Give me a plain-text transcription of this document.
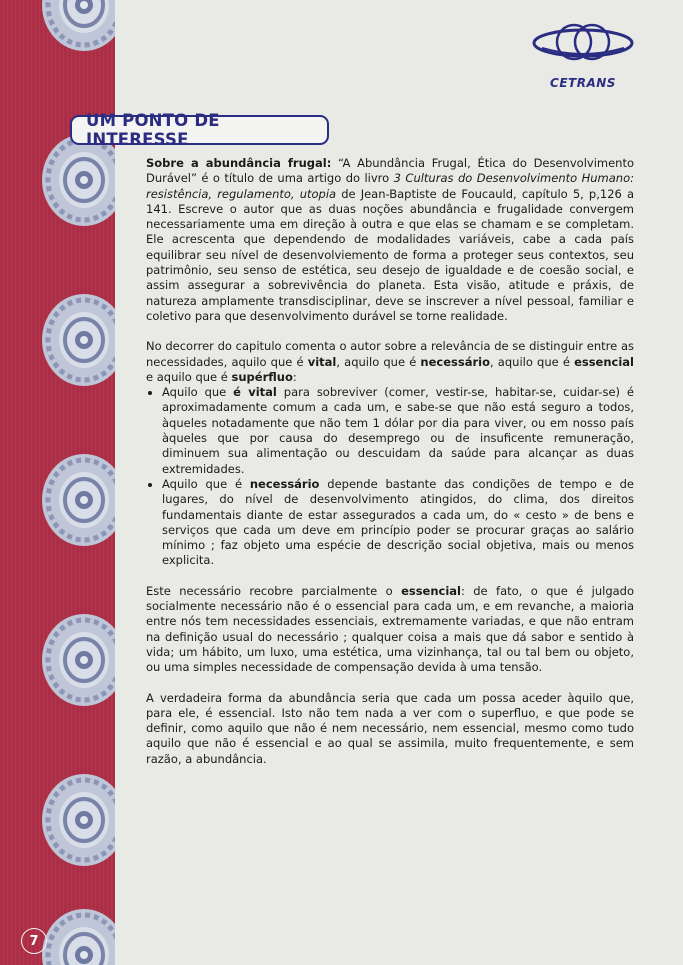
7
CETRANS
UM PONTO DE INTERESSE

Sobre a abundância frugal: “A Abundância Frugal, Ética do Desenvolvimento Durável” é o título de uma artigo do livro 3 Culturas do Desenvolvimento Humano: resistência, regulamento, utopia de Jean-Baptiste de Foucauld, capítulo 5, p,126 a 141. Escreve o autor que as duas noções abundância e frugalidade convergem necessariamente uma em direção à outra e que elas se chamam e se completam. Ele acrescenta que dependendo de modalidades variáveis, cabe a cada país equilibrar seu nível de desenvolviemento de forma a proteger seus contextos, seu patrimônio, seu senso de estética, seu desejo de igualdade e de coesão social, e assim assegurar a sobrevivência do planeta. Esta visão, atitude e práxis, de natureza amplamente transdisciplinar, deve se inscrever a nível pessoal, familiar e coletivo para que desenvolvimento durável se torne realidade.

No decorrer do capitulo comenta o autor sobre a relevância de se distinguir entre as necessidades, aquilo que é vital, aquilo que é necessário, aquilo que é essencial e aquilo que é supérfluo:

• Aquilo que é vital para sobreviver (comer, vestir-se, habitar-se, cuidar-se) é aproximadamente comum a cada um, e sabe-se que não está seguro a todos, àqueles notadamente que não tem 1 dólar por dia para viver, ou em nosso país àqueles que por causa do desemprego ou de insuficente remuneração, diminuem sua alimentação ou descuidam da saúde para alcançar as duas extremidades.
• Aquilo que é necessário depende bastante das condições de tempo e de lugares, do nível de desenvolvimento atingidos, do clima, dos direitos fundamentais diante de estar assegurados a cada um, do « cesto » de bens e serviços que cada um deve em princípio poder se procurar graças ao salário mínimo ; faz objeto uma espécie de descrição social objetiva, mais ou menos explicita.

Este necessário recobre parcialmente o essencial: de fato, o que é julgado socialmente necessário não é o essencial para cada um, e em revanche, a maioria entre nós tem necessidades essenciais, extremamente variadas, e que não entram na definição usual do necessário ; qualquer coisa a mais que dá sabor e sentido à vida; um hábito, um luxo, uma estética, uma vizinhança, tal ou tal bem ou objeto, ou uma simples necessidade de compensação devida à uma tensão.

A verdadeira forma da abundância seria que cada um possa aceder àquilo que, para ele, é essencial. Isto não tem nada a ver com o superfluo, e que pode se definir, como aquilo que não é nem necessário, nem essencial, mesmo como tudo aquilo que não é essencial e ao qual se assimila, muito frequentemente, e sem razão, a abundância.
